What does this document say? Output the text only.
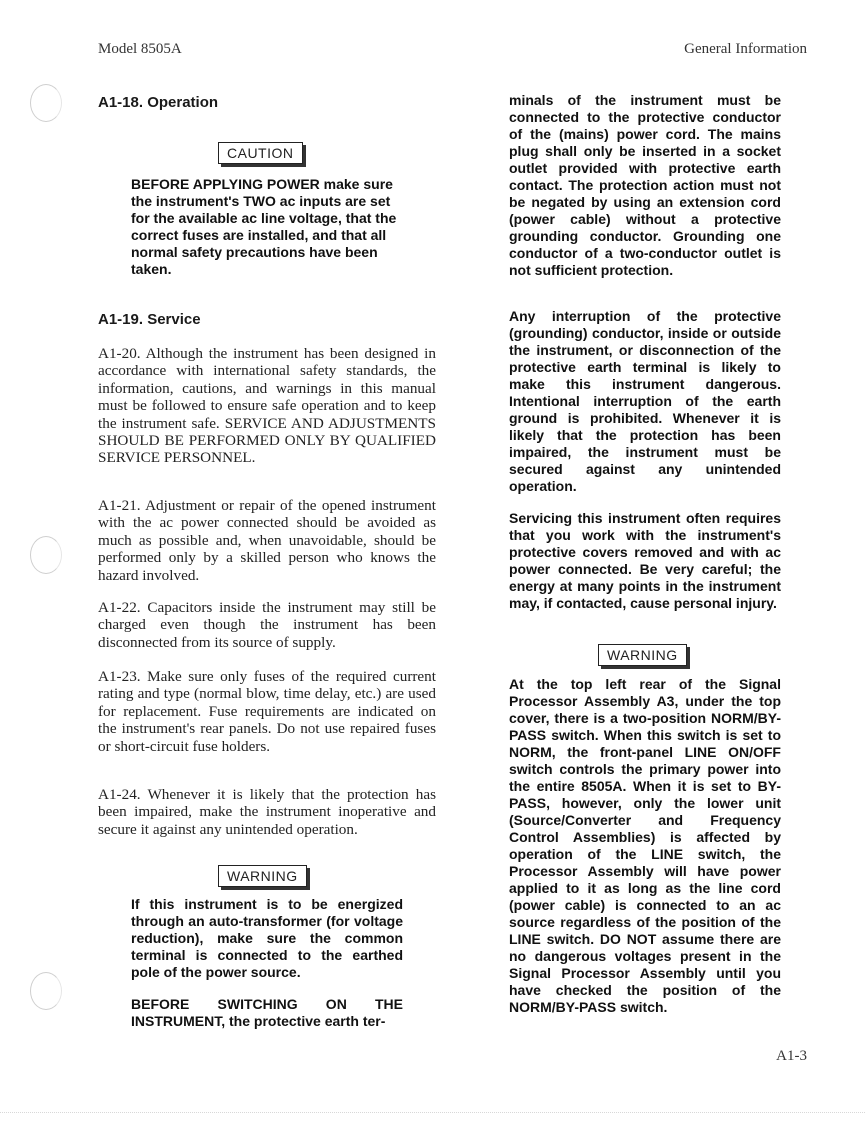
Model 8505A	General Information
A1-18. Operation
CAUTION
BEFORE APPLYING POWER make sure the instrument's TWO ac inputs are set for the available ac line voltage, that the correct fuses are installed, and that all normal safety precautions have been taken.
A1-19. Service
A1-20. Although the instrument has been designed in accordance with international safety standards, the information, cautions, and warnings in this manual must be followed to ensure safe operation and to keep the instrument safe. SERVICE AND ADJUSTMENTS SHOULD BE PERFORMED ONLY BY QUALIFIED SERVICE PERSONNEL.
A1-21. Adjustment or repair of the opened instrument with the ac power connected should be avoided as much as possible and, when unavoidable, should be performed only by a skilled person who knows the hazard involved.
A1-22. Capacitors inside the instrument may still be charged even though the instrument has been disconnected from its source of supply.
A1-23. Make sure only fuses of the required current rating and type (normal blow, time delay, etc.) are used for replacement. Fuse requirements are indicated on the instrument's rear panels. Do not use repaired fuses or short-circuit fuse holders.
A1-24. Whenever it is likely that the protection has been impaired, make the instrument inoperative and secure it against any unintended operation.
WARNING
If this instrument is to be energized through an auto-transformer (for voltage reduction), make sure the common terminal is connected to the earthed pole of the power source.
BEFORE SWITCHING ON THE INSTRUMENT, the protective earth ter-
minals of the instrument must be connected to the protective conductor of the (mains) power cord. The mains plug shall only be inserted in a socket outlet provided with protective earth contact. The protection action must not be negated by using an extension cord (power cable) without a protective grounding conductor. Grounding one conductor of a two-conductor outlet is not sufficient protection.
Any interruption of the protective (grounding) conductor, inside or outside the instrument, or disconnection of the protective earth terminal is likely to make this instrument dangerous. Intentional interruption of the earth ground is prohibited. Whenever it is likely that the protection has been impaired, the instrument must be secured against any unintended operation.
Servicing this instrument often requires that you work with the instrument's protective covers removed and with ac power connected. Be very careful; the energy at many points in the instrument may, if contacted, cause personal injury.
WARNING
At the top left rear of the Signal Processor Assembly A3, under the top cover, there is a two-position NORM/BY-PASS switch. When this switch is set to NORM, the front-panel LINE ON/OFF switch controls the primary power into the entire 8505A. When it is set to BY-PASS, however, only the lower unit (Source/Converter and Frequency Control Assemblies) is affected by operation of the LINE switch, the Processor Assembly will have power applied to it as long as the line cord (power cable) is connected to an ac source regardless of the position of the LINE switch. DO NOT assume there are no dangerous voltages present in the Signal Processor Assembly until you have checked the position of the NORM/BY-PASS switch.
A1-3
